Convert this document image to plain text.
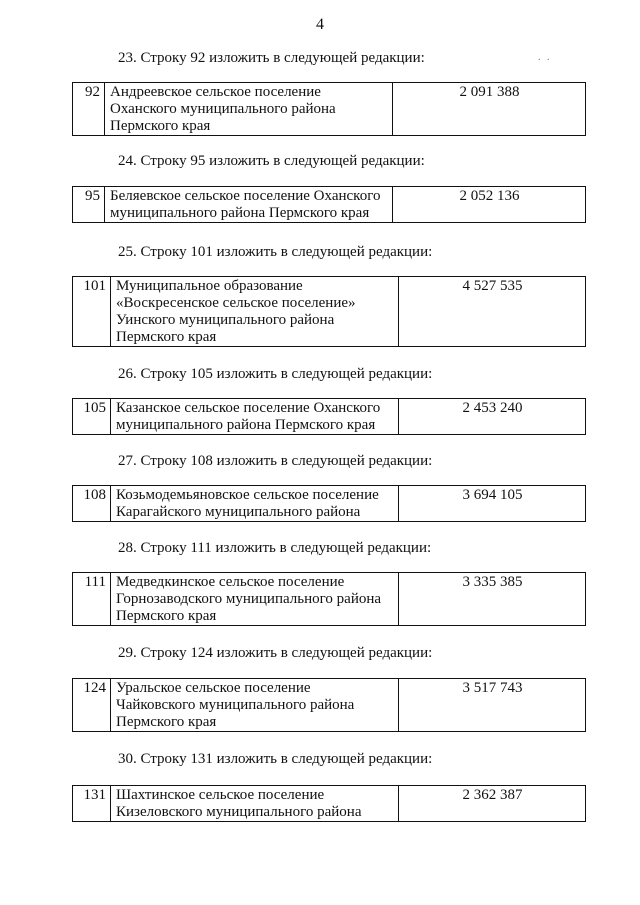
4
. .
23. Строку 92 изложить в следующей редакции:
92	Андреевское сельское поселение
Оханского муниципального района
Пермского края	2 091 388
24. Строку 95 изложить в следующей редакции:
95	Беляевское сельское поселение Оханского
муниципального района Пермского края	2 052 136
25. Строку 101 изложить в следующей редакции:
101	Муниципальное образование
«Воскресенское сельское поселение»
Уинского муниципального района
Пермского края	4 527 535
26. Строку 105 изложить в следующей редакции:
105	Казанское сельское поселение Оханского
муниципального района Пермского края	2 453 240
27. Строку 108 изложить в следующей редакции:
108	Козьмодемьяновское сельское поселение
Карагайского муниципального района	3 694 105
28. Строку 111 изложить в следующей редакции:
111	Медведкинское сельское поселение
Горнозаводского муниципального района
Пермского края	3 335 385
29. Строку 124 изложить в следующей редакции:
124	Уральское сельское поселение
Чайковского муниципального района
Пермского края	3 517 743
30. Строку 131 изложить в следующей редакции:
131	Шахтинское сельское поселение
Кизеловского муниципального района	2 362 387
